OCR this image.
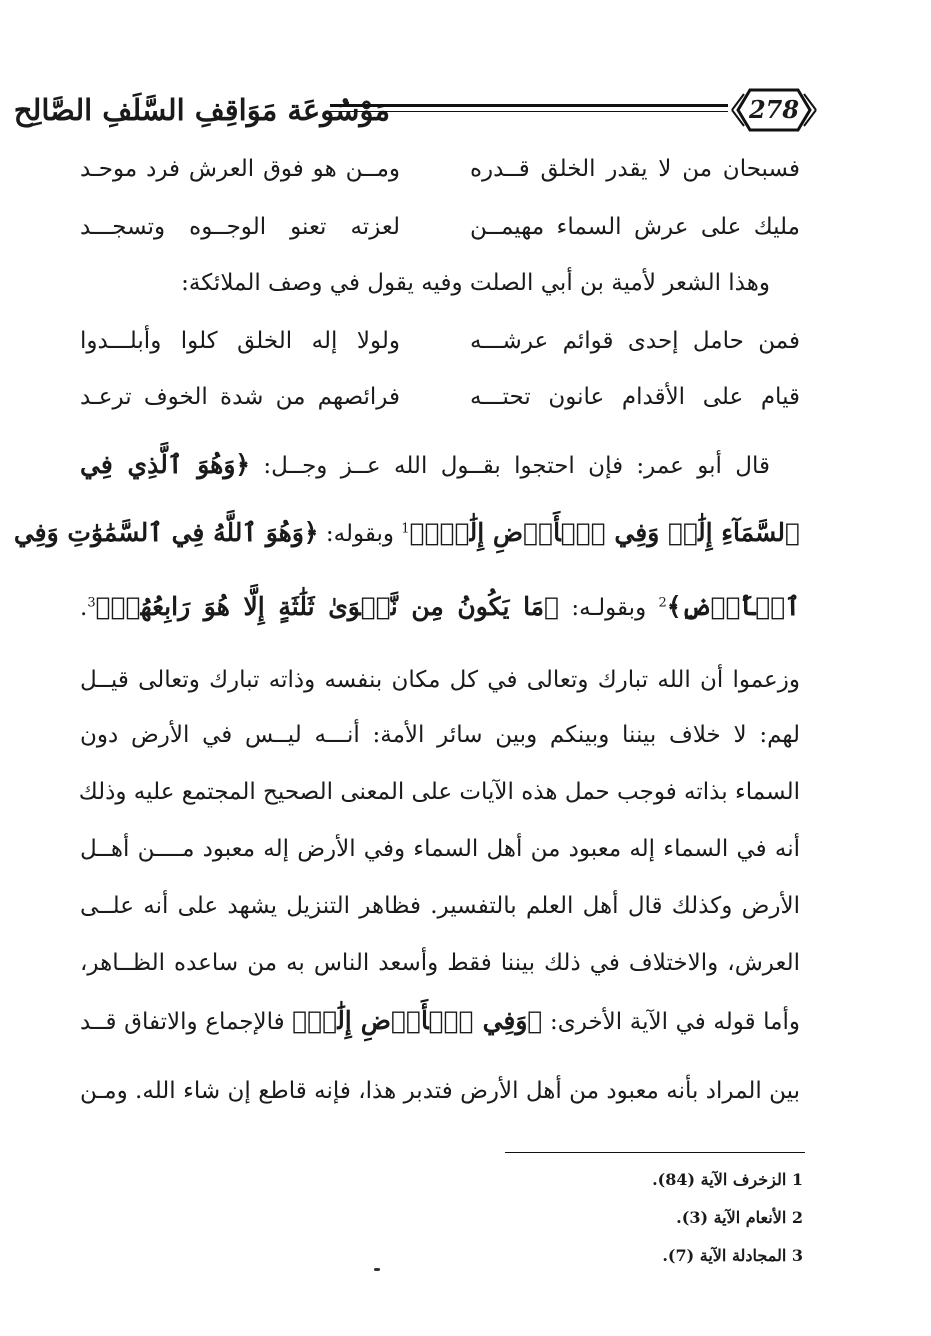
مَوْسُوعَة مَوَاقِفِ السَّلَفِ الصَّالِح	278
فسبحان من لا يقدر الخلق قــدره
ومــن هو فوق العرش فرد موحـد
مليك على عرش السماء مهيمــن
لعزته تعنو الوجــوه وتسجـــد
وهذا الشعر لأمية بن أبي الصلت وفيه يقول في وصف الملائكة:
فمن حامل إحدى قوائم عرشـــه
ولولا إله الخلق كلوا وأبلـــدوا
قيام على الأقدام عانون تحتـــه
فرائصهم من شدة الخوف ترعـد
قال أبو عمر: فإن احتجوا بقــول الله عــز وجــل: ﴿وَهُوَ ٱلَّذِي فِي
ٱلسَّمَآءِ إِلَٰهٞ وَفِي ٱلۡأَرۡضِ إِلَٰهٞۚ﴾$^1$ وبقوله: ﴿وَهُوَ ٱللَّهُ فِي ٱلسَّمَٰوَٰتِ وَفِي
ٱلۡأَرۡضِ﴾$^2$ وبقولـه: ﴿مَا يَكُونُ مِن نَّجۡوَىٰ ثَلَٰثَةٍ إِلَّا هُوَ رَابِعُهُمۡ﴾$^3$.
وزعموا أن الله تبارك وتعالى في كل مكان بنفسه وذاته تبارك وتعالى قيــل
لهم: لا خلاف بيننا وبينكم وبين سائر الأمة: أنـــه ليــس في الأرض دون
السماء بذاته فوجب حمل هذه الآيات على المعنى الصحيح المجتمع عليه وذلك
أنه في السماء إله معبود من أهل السماء وفي الأرض إله معبود مــــن أهــل
الأرض وكذلك قال أهل العلم بالتفسير. فظاهر التنزيل يشهد على أنه علــى
العرش، والاختلاف في ذلك بيننا فقط وأسعد الناس به من ساعده الظــاهر،
وأما قوله في الآية الأخرى: ﴿وَفِي ٱلۡأَرۡضِ إِلَٰهٞ﴾ فالإجماع والاتفاق قــد
بين المراد بأنه معبود من أهل الأرض فتدبر هذا، فإنه قاطع إن شاء الله. ومـن
1 الزخرف الآية (84).
2 الأنعام الآية (3).
3 المجادلة الآية (7).
